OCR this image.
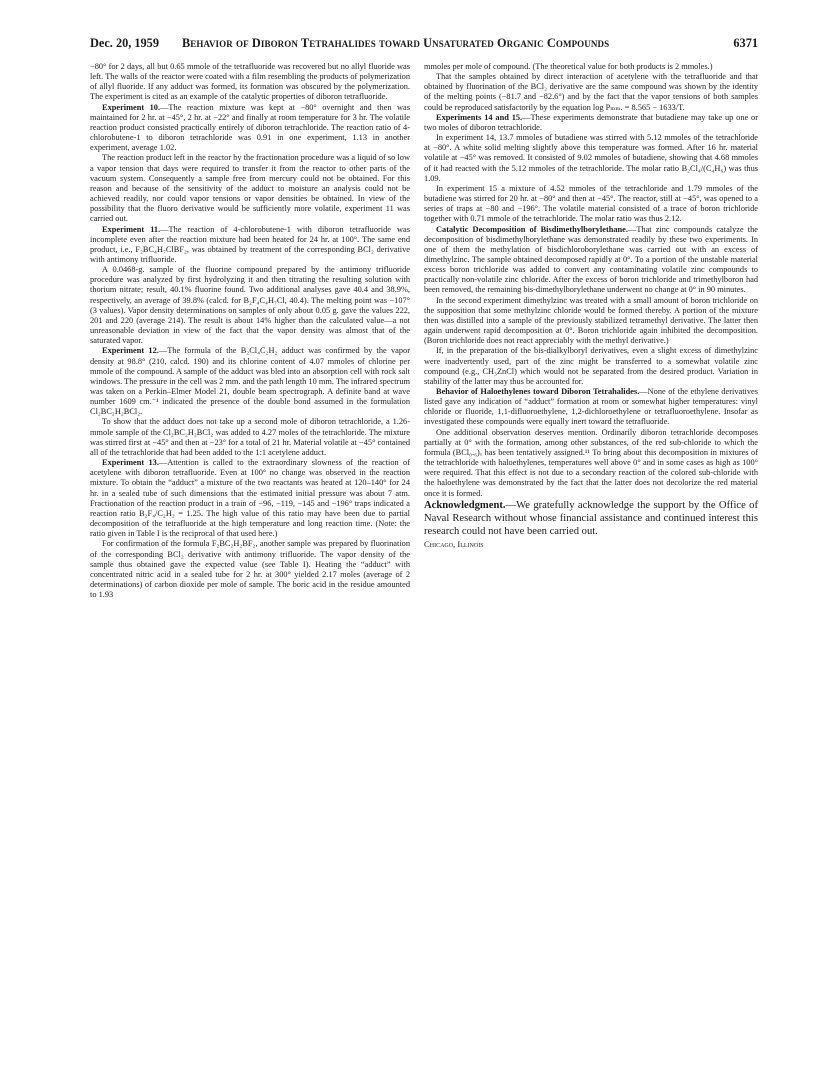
Dec. 20, 1959 Behavior of Diboron Tetrahalides toward Unsaturated Organic Compounds	6371

−80° for 2 days, all but 0.65 mmole of the tetrafluoride was recovered but no allyl fluoride was left. The walls of the reactor were coated with a film resembling the products of polymerization of allyl fluoride. If any adduct was formed, its formation was obscured by the polymerization. The experiment is cited as an example of the catalytic properties of diboron tetrafluoride.

Experiment 10.—The reaction mixture was kept at −80° overnight and then was maintained for 2 hr. at −45°, 2 hr. at −22° and finally at room temperature for 3 hr. The volatile reaction product consisted practically entirely of diboron tetrachloride. The reaction ratio of 4-chlorobutene-1 to diboron tetrachloride was 0.91 in one experiment, 1.13 in another experiment, average 1.02.

The reaction product left in the reactor by the fractionation procedure was a liquid of so low a vapor tension that days were required to transfer it from the reactor to other parts of the vacuum system. Consequently a sample free from mercury could not be obtained. For this reason and because of the sensitivity of the adduct to moisture an analysis could not be achieved readily, nor could vapor tensions or vapor densities be obtained. In view of the possibility that the fluoro derivative would be sufficiently more volatile, experiment 11 was carried out.

Experiment 11.—The reaction of 4-chlorobutene-1 with diboron tetrafluoride was incomplete even after the reaction mixture had been heated for 24 hr. at 100°. The same end product, i.e., F₂BC₄H₇ClBF₂, was obtained by treatment of the corresponding BCl₂ derivative with antimony trifluoride.

A 0.0468-g. sample of the fluorine compound prepared by the antimony trifluoride procedure was analyzed by first hydrolyzing it and then titrating the resulting solution with thorium nitrate; result, 40.1% fluorine found. Two additional analyses gave 40.4 and 38.9%, respectively, an average of 39.8% (calcd. for B₂F₄C₄H₇Cl, 40.4). The melting point was −107° (3 values). Vapor density determinations on samples of only about 0.05 g. gave the values 222, 201 and 220 (average 214). The result is about 14% higher than the calculated value—a not unreasonable deviation in view of the fact that the vapor density was almost that of the saturated vapor.

Experiment 12.—The formula of the B₂Cl₄C₂H₂ adduct was confirmed by the vapor density at 98.8° (210, calcd. 190) and its chlorine content of 4.07 mmoles of chlorine per mmole of the compound. A sample of the adduct was bled into an absorption cell with rock salt windows. The pressure in the cell was 2 mm. and the path length 10 mm. The infrared spectrum was taken on a Perkin–Elmer Model 21, double beam spectrograph. A definite band at wave number 1609 cm.⁻¹ indicated the presence of the double bond assumed in the formulation Cl₂BC₂H₂BCl₂.

To show that the adduct does not take up a second mole of diboron tetrachloride, a 1.26-mmole sample of the Cl₂BC₂H₂BCl₂ was added to 4.27 moles of the tetrachloride. The mixture was stirred first at −45° and then at −23° for a total of 21 hr. Material volatile at −45° contained all of the tetrachloride that had been added to the 1:1 acetylene adduct.

Experiment 13.—Attention is called to the extraordinary slowness of the reaction of acetylene with diboron tetrafluoride. Even at 100° no change was observed in the reaction mixture. To obtain the “adduct” a mixture of the two reactants was heated at 120–140° for 24 hr. in a sealed tube of such dimensions that the estimated initial pressure was about 7 atm. Fractionation of the reaction product in a train of −96, −119, −145 and −196° traps indicated a reaction ratio B₂F₄/C₂H₂ = 1.25. The high value of this ratio may have been due to partial decomposition of the tetrafluoride at the high temperature and long reaction time. (Note: the ratio given in Table I is the reciprocal of that used here.)

For confirmation of the formula F₂BC₂H₂BF₂, another sample was prepared by fluorination of the corresponding BCl₂ derivative with antimony trifluoride. The vapor density of the sample thus obtained gave the expected value (see Table I). Heating the “adduct” with concentrated nitric acid in a sealed tube for 2 hr. at 300° yielded 2.17 moles (average of 2 determinations) of carbon dioxide per mole of sample. The boric acid in the residue amounted to 1.93

mmoles per mole of compound. (The theoretical value for both products is 2 mmoles.)

That the samples obtained by direct interaction of acetylene with the tetrafluoride and that obtained by fluorination of the BCl₂ derivative are the same compound was shown by the identity of the melting points (−81.7 and −82.6°) and by the fact that the vapor tensions of both samples could be reproduced satisfactorily by the equation log Pₘₘ. = 8.565 − 1633/T.

Experiments 14 and 15.—These experiments demonstrate that butadiene may take up one or two moles of diboron tetrachloride.

In experiment 14, 13.7 mmoles of butadiene was stirred with 5.12 mmoles of the tetrachloride at −80°. A white solid melting slightly above this temperature was formed. After 16 hr. material volatile at −45° was removed. It consisted of 9.02 mmoles of butadiene, showing that 4.68 mmoles of it had reacted with the 5.12 mmoles of the tetrachloride. The molar ratio B₂Cl₄/(C₄H₆) was thus 1.09.

In experiment 15 a mixture of 4.52 mmoles of the tetrachloride and 1.79 mmoles of the butadiene was stirred for 20 hr. at −80° and then at −45°. The reactor, still at −45°, was opened to a series of traps at −80 and −196°. The volatile material consisted of a trace of boron trichloride together with 0.71 mmole of the tetrachloride. The molar ratio was thus 2.12.

Catalytic Decomposition of Bisdimethylborylethane.—That zinc compounds catalyze the decomposition of bisdimethylborylethane was demonstrated readily by these two experiments. In one of them the methylation of bisdichloroborylethane was carried out with an excess of dimethylzinc. The sample obtained decomposed rapidly at 0°. To a portion of the unstable material excess boron trichloride was added to convert any contaminating volatile zinc compounds to practically non-volatile zinc chloride. After the excess of boron trichloride and trimethylboron had been removed, the remaining bis-dimethylborylethane underwent no change at 0° in 90 minutes.

In the second experiment dimethylzinc was treated with a small amount of boron trichloride on the supposition that some methylzinc chloride would be formed thereby. A portion of the mixture then was distilled into a sample of the previously stabilized tetramethyl derivative. The latter then again underwent rapid decomposition at 0°. Boron trichloride again inhibited the decomposition. (Boron trichloride does not react appreciably with the methyl derivative.)

If, in the preparation of the bis-dialkylboryl derivatives, even a slight excess of dimethylzinc were inadvertently used, part of the zinc might be transferred to a somewhat volatile zinc compound (e.g., CH₃ZnCl) which would not be separated from the desired product. Variation in stability of the latter may thus be accounted for.

Behavior of Haloethylenes toward Diboron Tetrahalides.—None of the ethylene derivatives listed gave any indication of “adduct” formation at room or somewhat higher temperatures: vinyl chloride or fluoride, 1,1-difluoroethylene, 1,2-dichloroethylene or tetrafluoroethylene. Insofar as investigated these compounds were equally inert toward the tetrafluoride.

One additional observation deserves mention. Ordinarily diboron tetrachloride decomposes partially at 0° with the formation, among other substances, of the red sub-chloride to which the formula (BCl₀.₆)ₓ has been tentatively assigned.¹¹ To bring about this decomposition in mixtures of the tetrachloride with haloethylenes, temperatures well above 0° and in some cases as high as 100° were required. That this effect is not due to a secondary reaction of the colored sub-chloride with the haloethylene was demonstrated by the fact that the latter does not decolorize the red material once it is formed.

Acknowledgment.—We gratefully acknowledge the support by the Office of Naval Research without whose financial assistance and continued interest this research could not have been carried out.

Chicago, Illinois
